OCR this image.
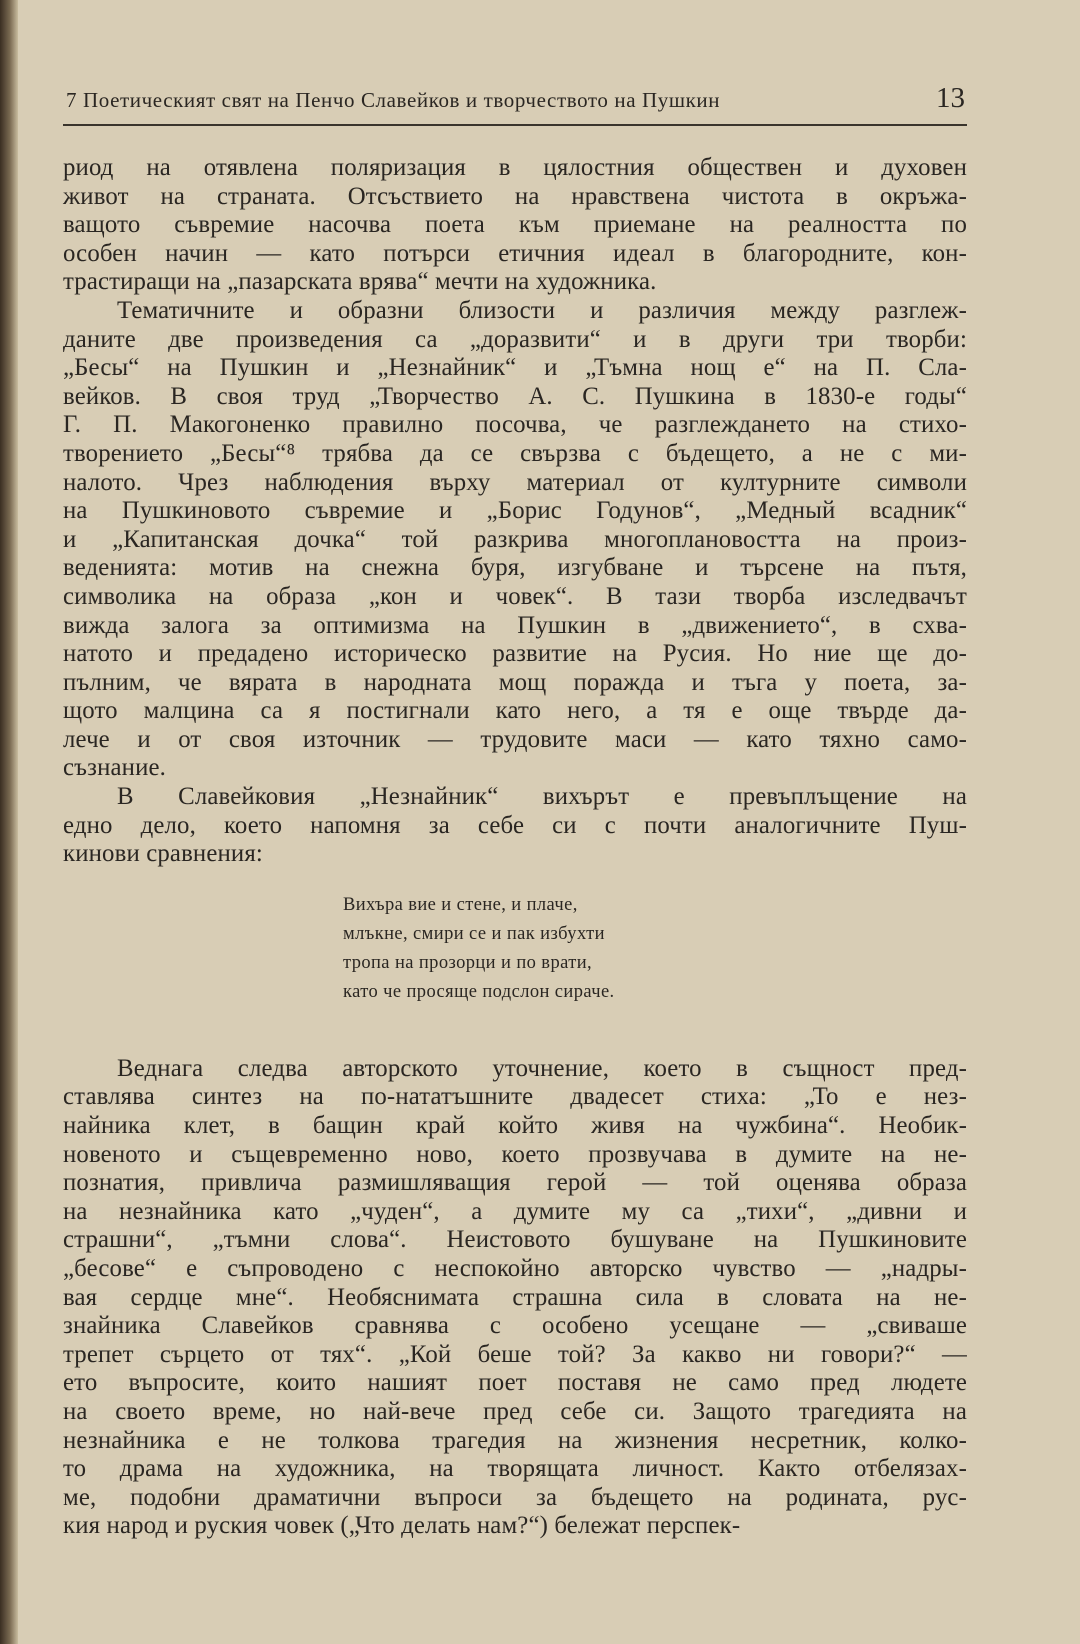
7 Поетическият свят на Пенчо Славейков и творчеството на Пушкин	13

риод на отявлена поляризация в цялостния обществен и духовен
живот на страната. Отсъствието на нравствена чистота в окръжа-
ващото съвремие насочва поета към приемане на реалността по
особен начин — като потърси етичния идеал в благородните, кон-
трастиращи на „пазарската врява“ мечти на художника.

Тематичните и образни близости и различия между разглеж-
даните две произведения са „доразвити“ и в други три творби:
„Бесы“ на Пушкин и „Незнайник“ и „Тъмна нощ е“ на П. Сла-
вейков. В своя труд „Творчество А. С. Пушкина в 1830-е годы“
Г. П. Макогоненко правилно посочва, че разглеждането на стихо-
творението „Бесы“⁸ трябва да се свързва с бъдещето, а не с ми-
налото. Чрез наблюдения върху материал от културните символи
на Пушкиновото съвремие и „Борис Годунов“, „Медный всадник“
и „Капитанская дочка“ той разкрива многоплановостта на произ-
веденията: мотив на снежна буря, изгубване и търсене на пътя,
символика на образа „кон и човек“. В тази творба изследвачът
вижда залога за оптимизма на Пушкин в „движението“, в схва-
натото и предадено историческо развитие на Русия. Но ние ще до-
пълним, че вярата в народната мощ поражда и тъга у поета, за-
щото малцина са я постигнали като него, а тя е още твърде да-
лече и от своя източник — трудовите маси — като тяхно само-
съзнание.

В Славейковия „Незнайник“ вихърът е превъплъщение на
едно дело, което напомня за себе си с почти аналогичните Пуш-
кинови сравнения:

Вихъра вие и стене, и плаче,
млъкне, смири се и пак избухти
тропа на прозорци и по врати,
като че просяще подслон сираче.

Веднага следва авторското уточнение, което в същност пред-
ставлява синтез на по-нататъшните двадесет стиха: „То е нез-
найника клет, в бащин край който живя на чужбина“. Необик-
новеното и същевременно ново, което прозвучава в думите на не-
познатия, привлича размишляващия герой — той оценява образа
на незнайника като „чуден“, а думите му са „тихи“, „дивни и
страшни“, „тъмни слова“. Неистовото бушуване на Пушкиновите
„бесове“ е съпроводено с неспокойно авторско чувство — „надры-
вая сердце мне“. Необяснимата страшна сила в словата на не-
знайника Славейков сравнява с особено усещане — „свиваше
трепет сърцето от тях“. „Кой беше той? За какво ни говори?“ —
ето въпросите, които нашият поет поставя не само пред людете
на своето време, но най-вече пред себе си. Защото трагедията на
незнайника е не толкова трагедия на жизнения несретник, колко-
то драма на художника, на творящата личност. Както отбелязах-
ме, подобни драматични въпроси за бъдещето на родината, рус-
кия народ и руския човек („Что делать нам?“) бележат перспек-
